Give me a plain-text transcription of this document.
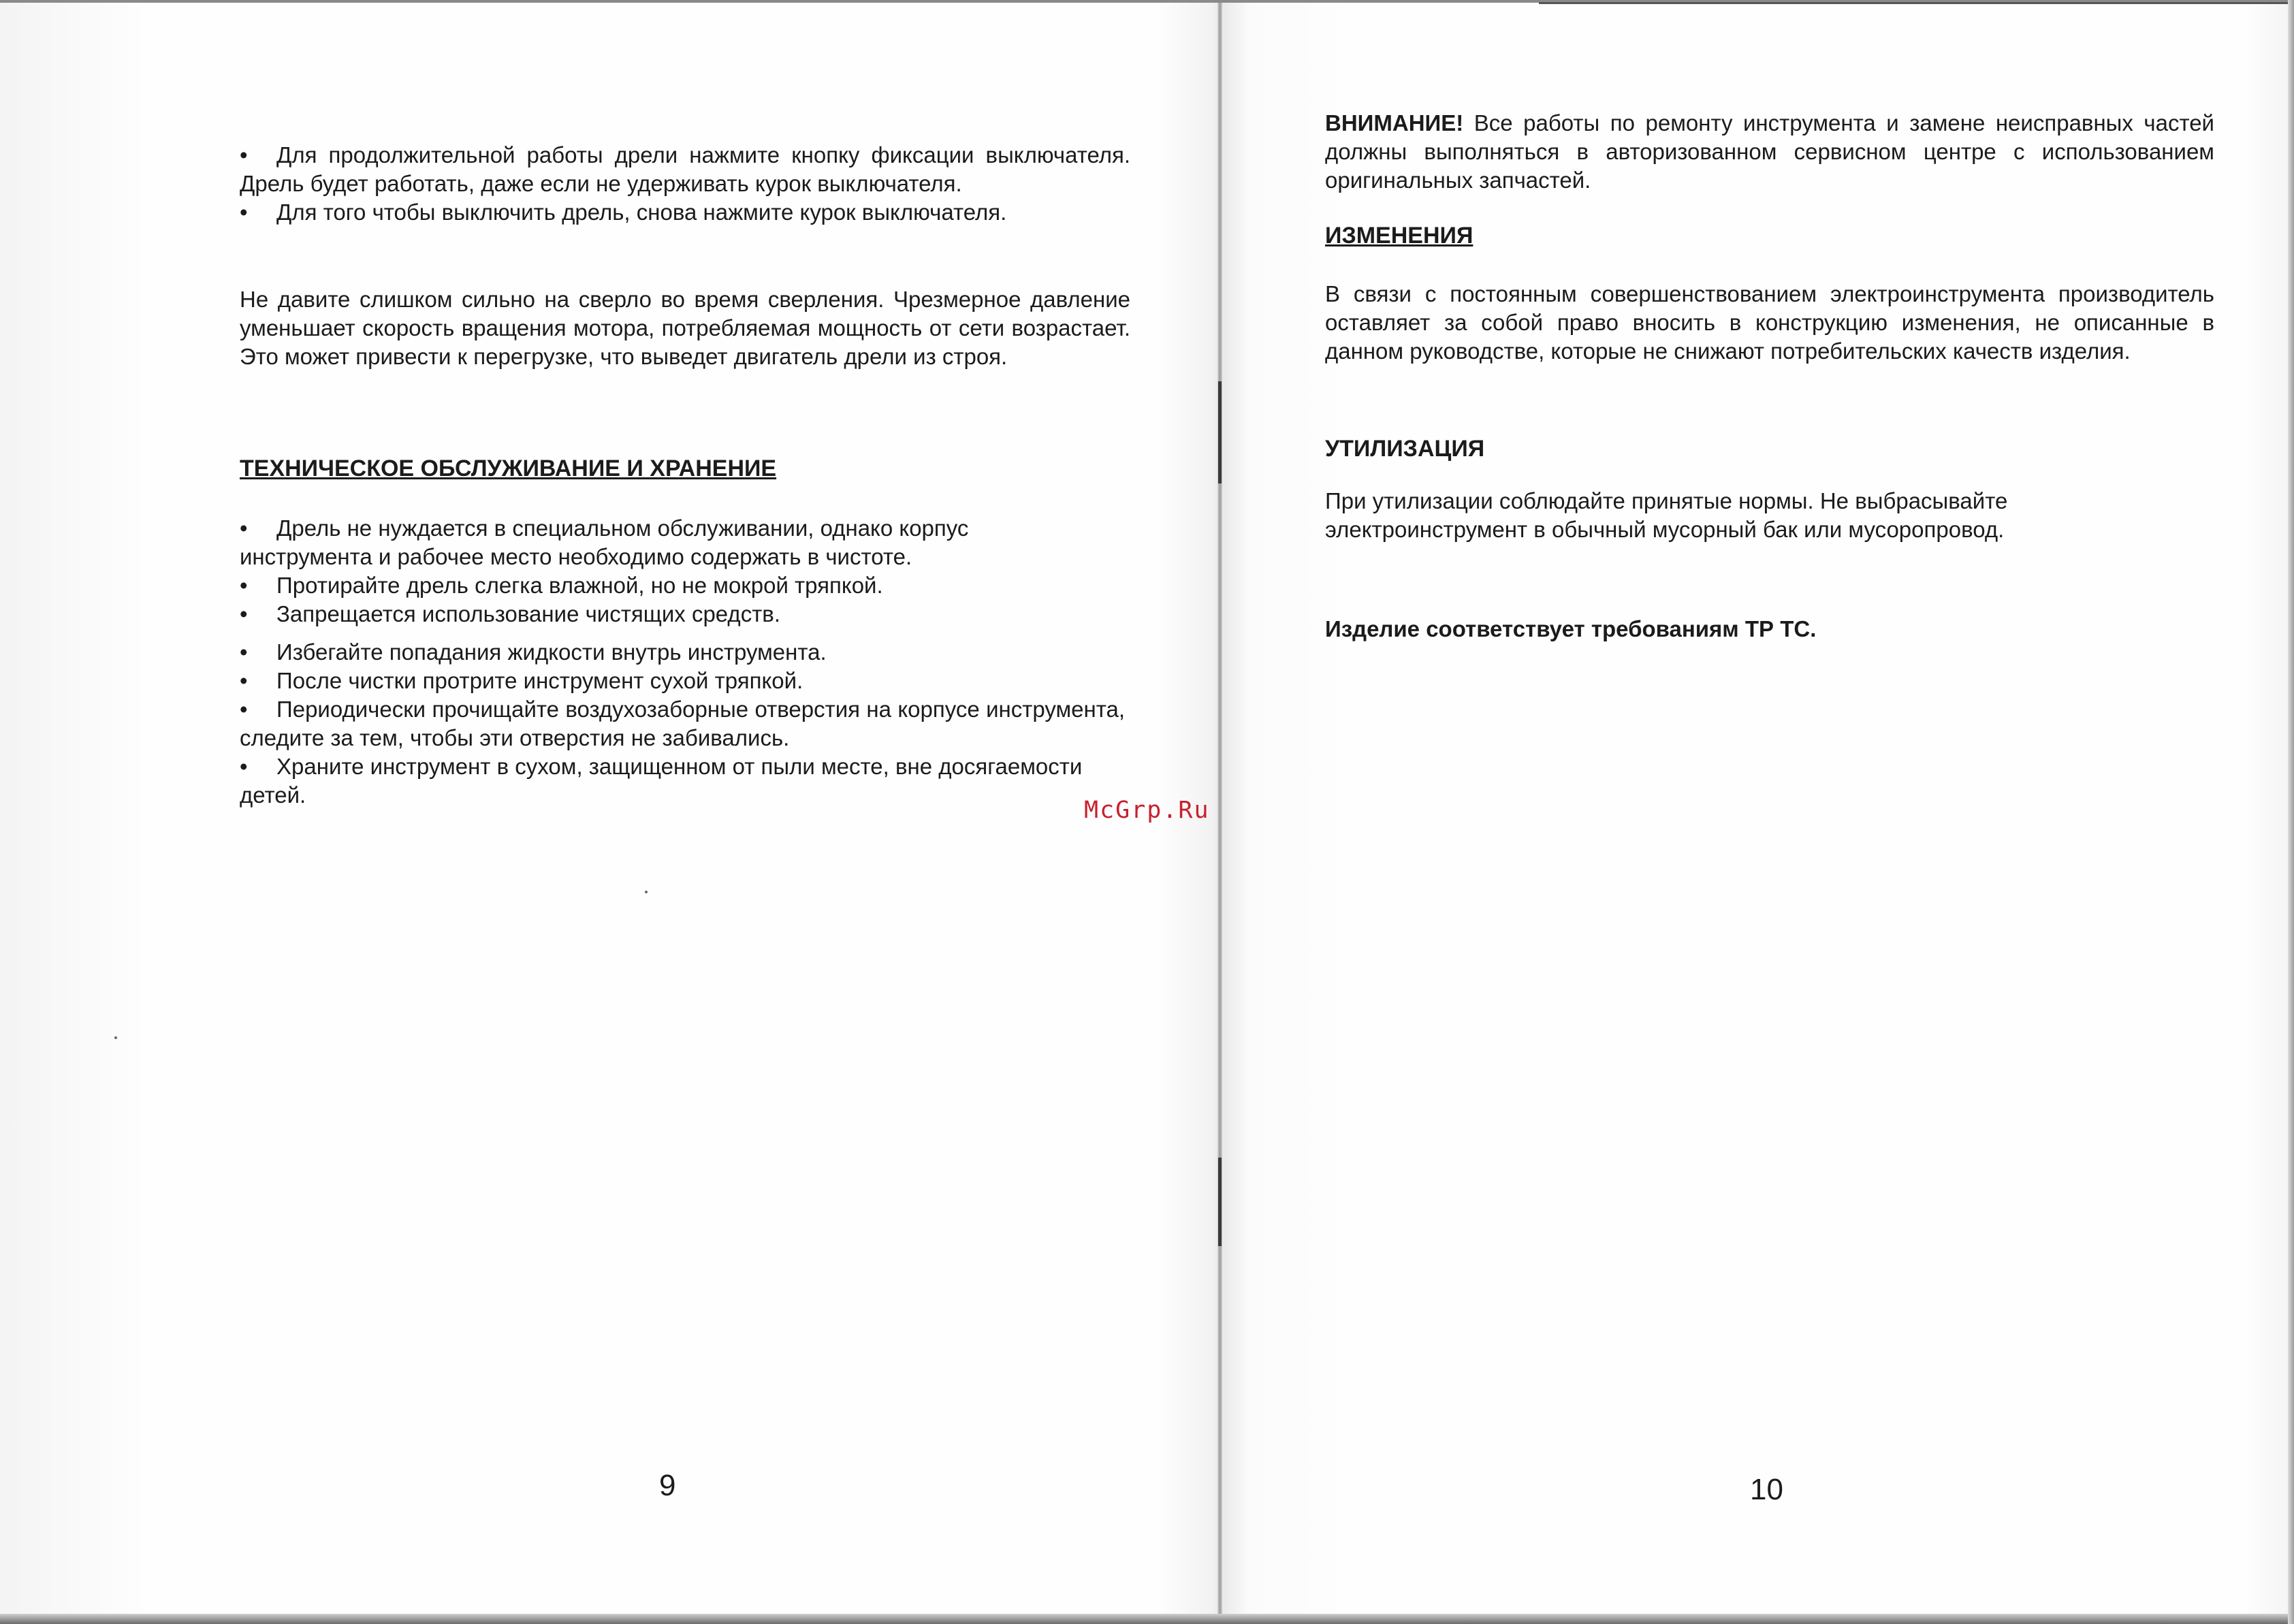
• Для продолжительной работы дрели нажмите кнопку фиксации выключателя. Дрель будет работать, даже если не удерживать курок выключателя.
• Для того чтобы выключить дрель, снова нажмите курок выключателя.
Не давите слишком сильно на сверло во время сверления. Чрезмерное давление уменьшает скорость вращения мотора, потребляемая мощность от сети возрастает. Это может привести к перегрузке, что выведет двигатель дрели из строя.
ТЕХНИЧЕСКОЕ ОБСЛУЖИВАНИЕ И ХРАНЕНИЕ
• Дрель не нуждается в специальном обслуживании, однако корпус инструмента и рабочее место необходимо содержать в чистоте.
• Протирайте дрель слегка влажной, но не мокрой тряпкой.
• Запрещается использование чистящих средств.
• Избегайте попадания жидкости внутрь инструмента.
• После чистки протрите инструмент сухой тряпкой.
• Периодически прочищайте воздухозаборные отверстия на корпусе инструмента, следите за тем, чтобы эти отверстия не забивались.
• Храните инструмент в сухом, защищенном от пыли месте, вне досягаемости детей.
9
McGrp.Ru
ВНИМАНИЕ! Все работы по ремонту инструмента и замене неисправных частей должны выполняться в авторизованном сервисном центре с использованием оригинальных запчастей.
ИЗМЕНЕНИЯ
В связи с постоянным совершенствованием электроинструмента производитель оставляет за собой право вносить в конструкцию изменения, не описанные в данном руководстве, которые не снижают потребительских качеств изделия.
УТИЛИЗАЦИЯ
При утилизации соблюдайте принятые нормы. Не выбрасывайте
электроинструмент в обычный мусорный бак или мусоропровод.
Изделие соответствует требованиям ТР ТС.
10
